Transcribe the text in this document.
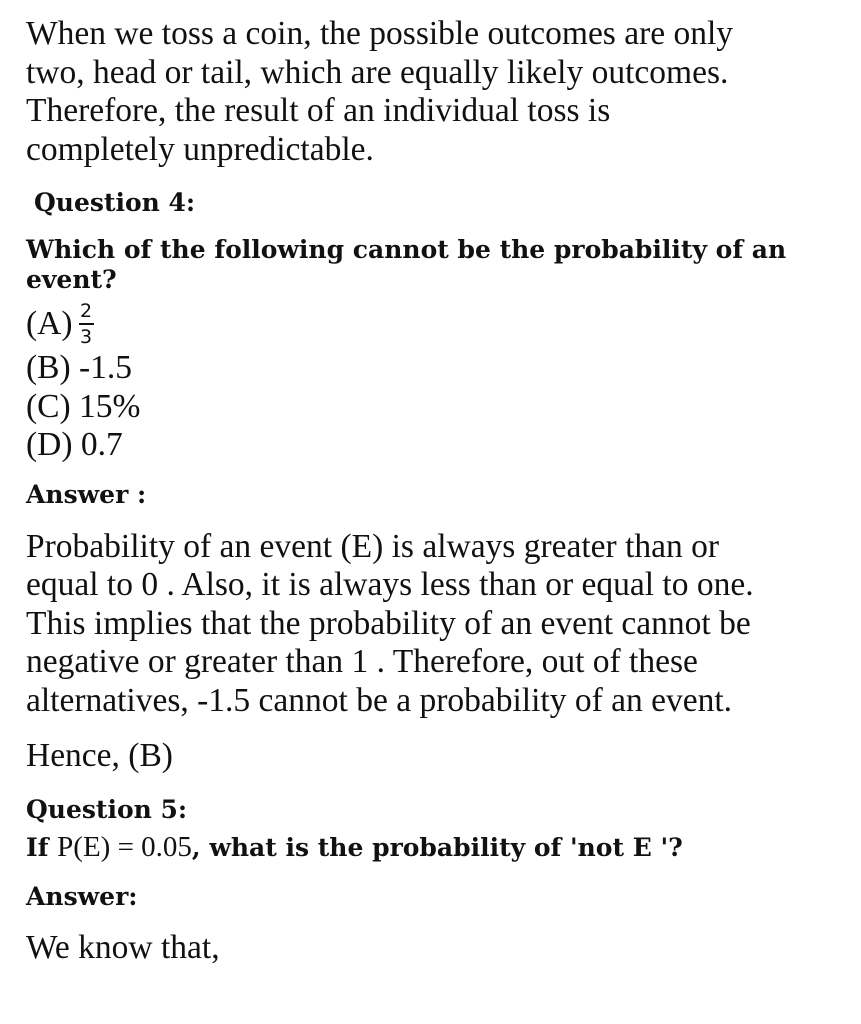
When we toss a coin, the possible outcomes are only

two, head or tail, which are equally likely outcomes.

Therefore, the result of an individual toss is

completely unpredictable.

Question 4:

Which of the following cannot be the probability of an

event?

$(A) \frac{2}{3}$

(B) -1.5

(C) 15%

(D) 0.7

Answer :

Probability of an event (E) is always greater than or

equal to 0 . Also, it is always less than or equal to one.

This implies that the probability of an event cannot be

negative or greater than 1 . Therefore, out of these

alternatives, -1.5 cannot be a probability of an event.

Hence, (B)

Question 5:

If P(E) = 0.05, what is the probability of 'not E '?

Answer:

We know that,
